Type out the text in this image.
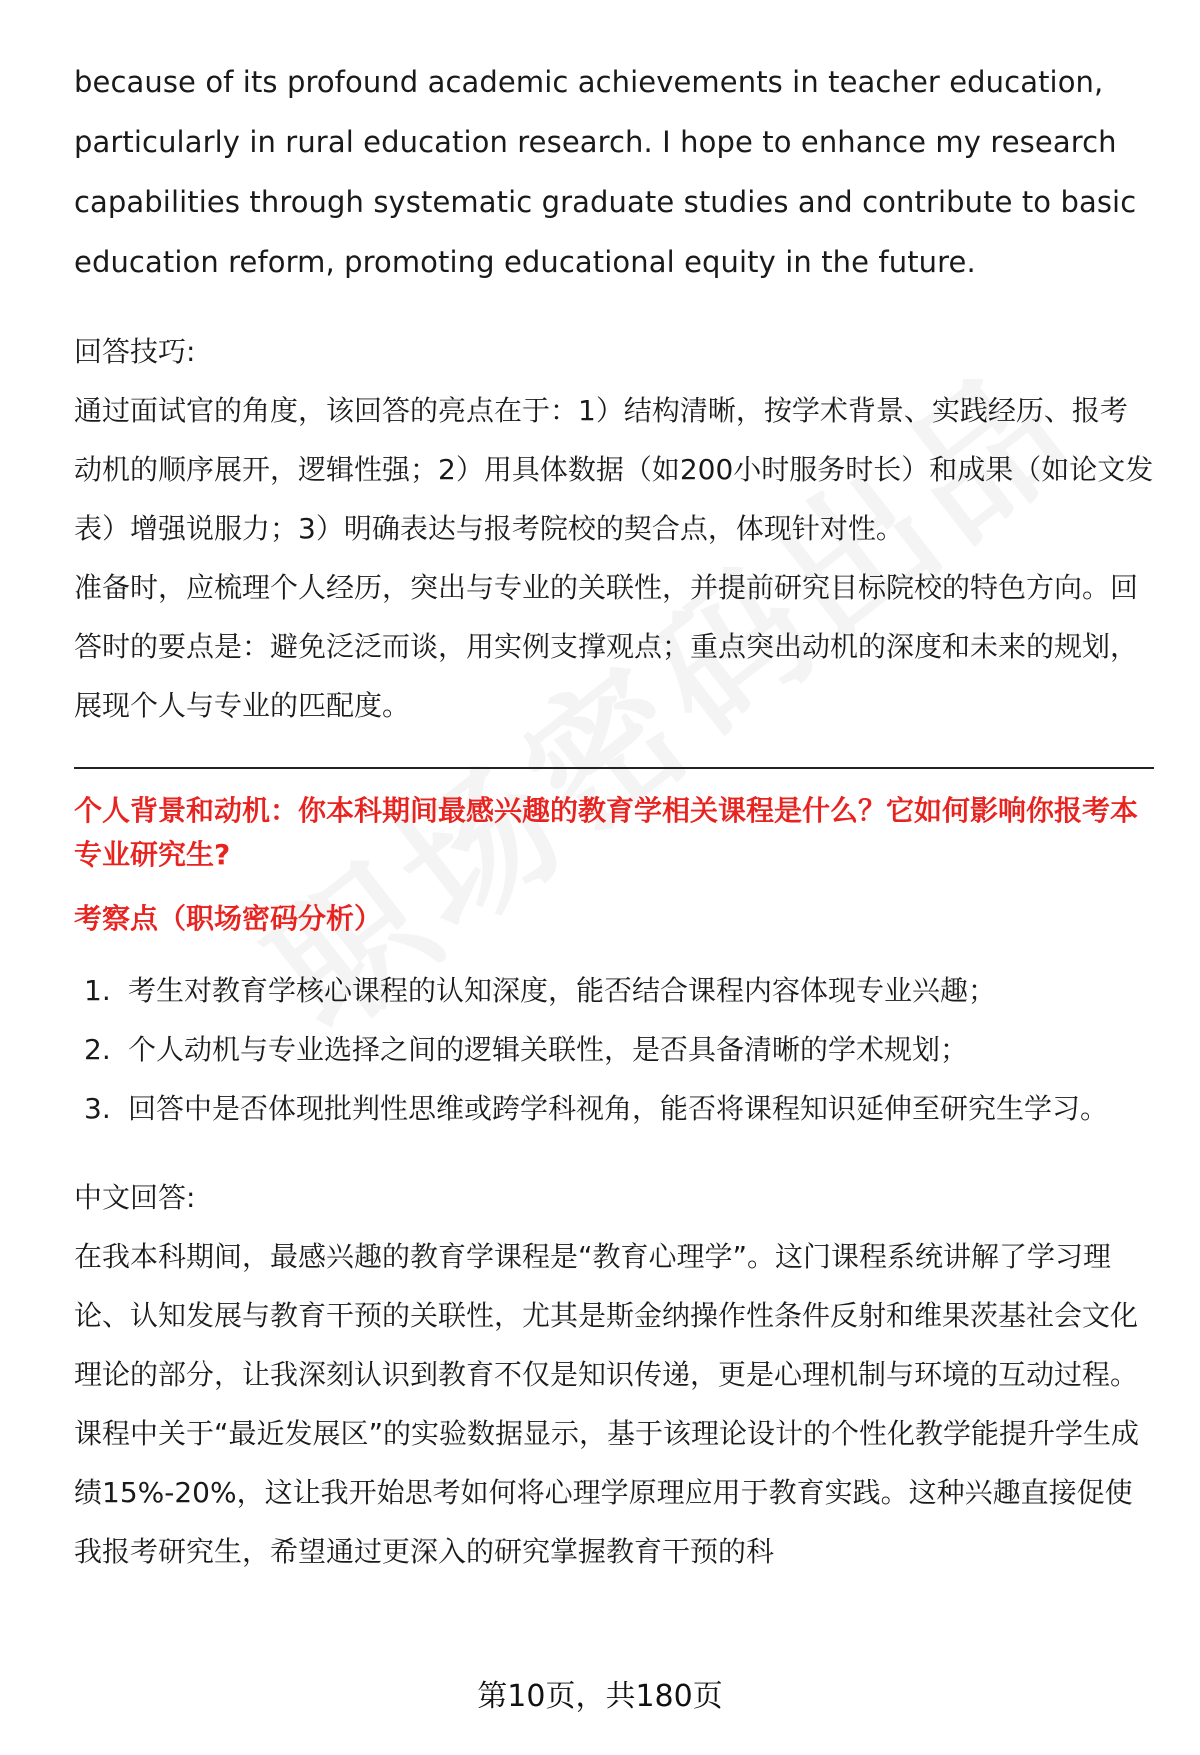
because of its profound academic achievements in teacher education, particularly in rural education research. I hope to enhance my research capabilities through systematic graduate studies and contribute to basic education reform, promoting educational equity in the future.

回答技巧:

通过面试官的角度，该回答的亮点在于：1）结构清晰，按学术背景、实践经历、报考动机的顺序展开，逻辑性强；2）用具体数据（如200小时服务时长）和成果（如论文发表）增强说服力；3）明确表达与报考院校的契合点，体现针对性。

准备时，应梳理个人经历，突出与专业的关联性，并提前研究目标院校的特色方向。回答时的要点是：避免泛泛而谈，用实例支撑观点；重点突出动机的深度和未来的规划，展现个人与专业的匹配度。

个人背景和动机：你本科期间最感兴趣的教育学相关课程是什么？它如何影响你报考本专业研究生?

考察点（职场密码分析）

1. 考生对教育学核心课程的认知深度，能否结合课程内容体现专业兴趣；
2. 个人动机与专业选择之间的逻辑关联性，是否具备清晰的学术规划；
3. 回答中是否体现批判性思维或跨学科视角，能否将课程知识延伸至研究生学习。

中文回答:

在我本科期间，最感兴趣的教育学课程是“教育心理学”。这门课程系统讲解了学习理论、认知发展与教育干预的关联性，尤其是斯金纳操作性条件反射和维果茨基社会文化理论的部分，让我深刻认识到教育不仅是知识传递，更是心理机制与环境的互动过程。课程中关于“最近发展区”的实验数据显示，基于该理论设计的个性化教学能提升学生成绩15%-20%，这让我开始思考如何将心理学原理应用于教育实践。这种兴趣直接促使我报考研究生，希望通过更深入的研究掌握教育干预的科

第10页，共180页
